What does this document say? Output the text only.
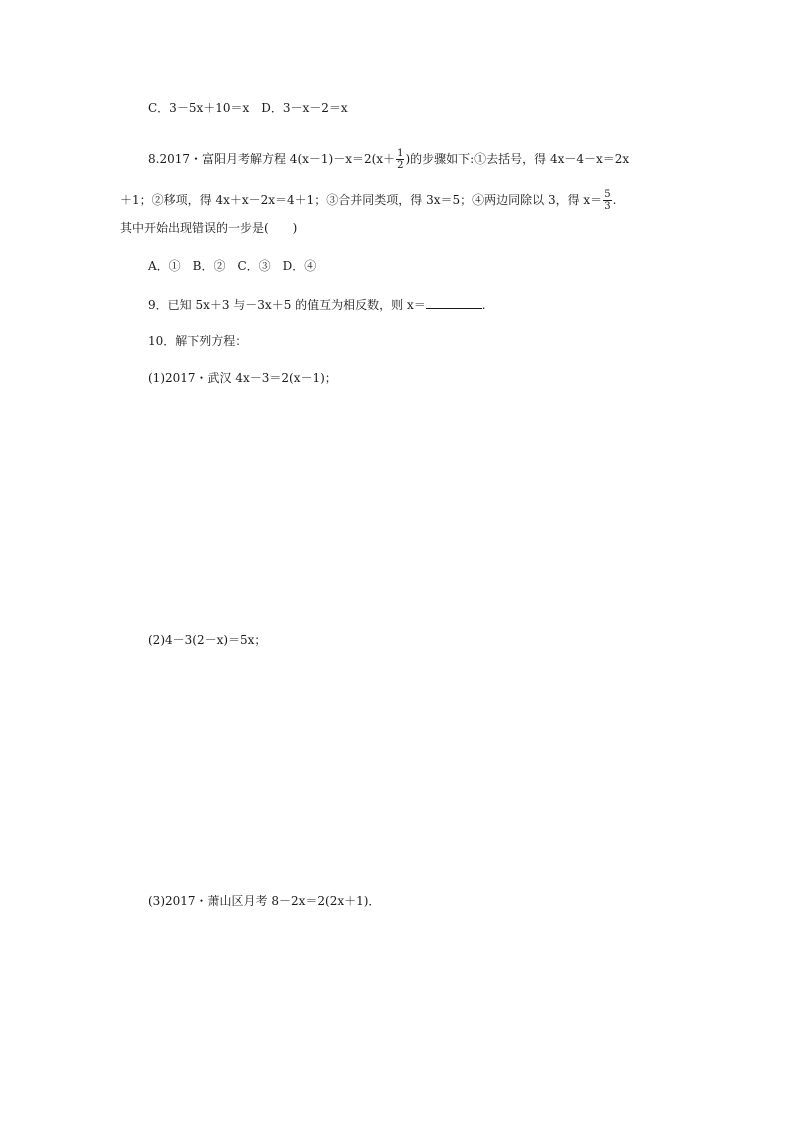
C．3－5x＋10＝x　D．3－x－2＝x
8.2017・富阳月考解方程 $4(x-1)-x=2(x+ \frac{1}{2}$ )的步骤如下:①去括号，得 4x－4－x＝2x
＋1；②移项，得 4x＋x－2x＝4＋1；③合并同类项，得 3x＝5；④两边同除以 3，得 $x= \frac{5}{3}$ .
其中开始出现错误的一步是(　　)
A．①　B．②　C．③　D．④
9．已知 5x＋3 与－3x＋5 的值互为相反数，则 x＝	.
10．解下列方程：
(1)2017・武汉 4x－3＝2(x－1)；
(2)4－3(2－x)＝5x；
(3)2017・萧山区月考 8－2x＝2(2x＋1)．
